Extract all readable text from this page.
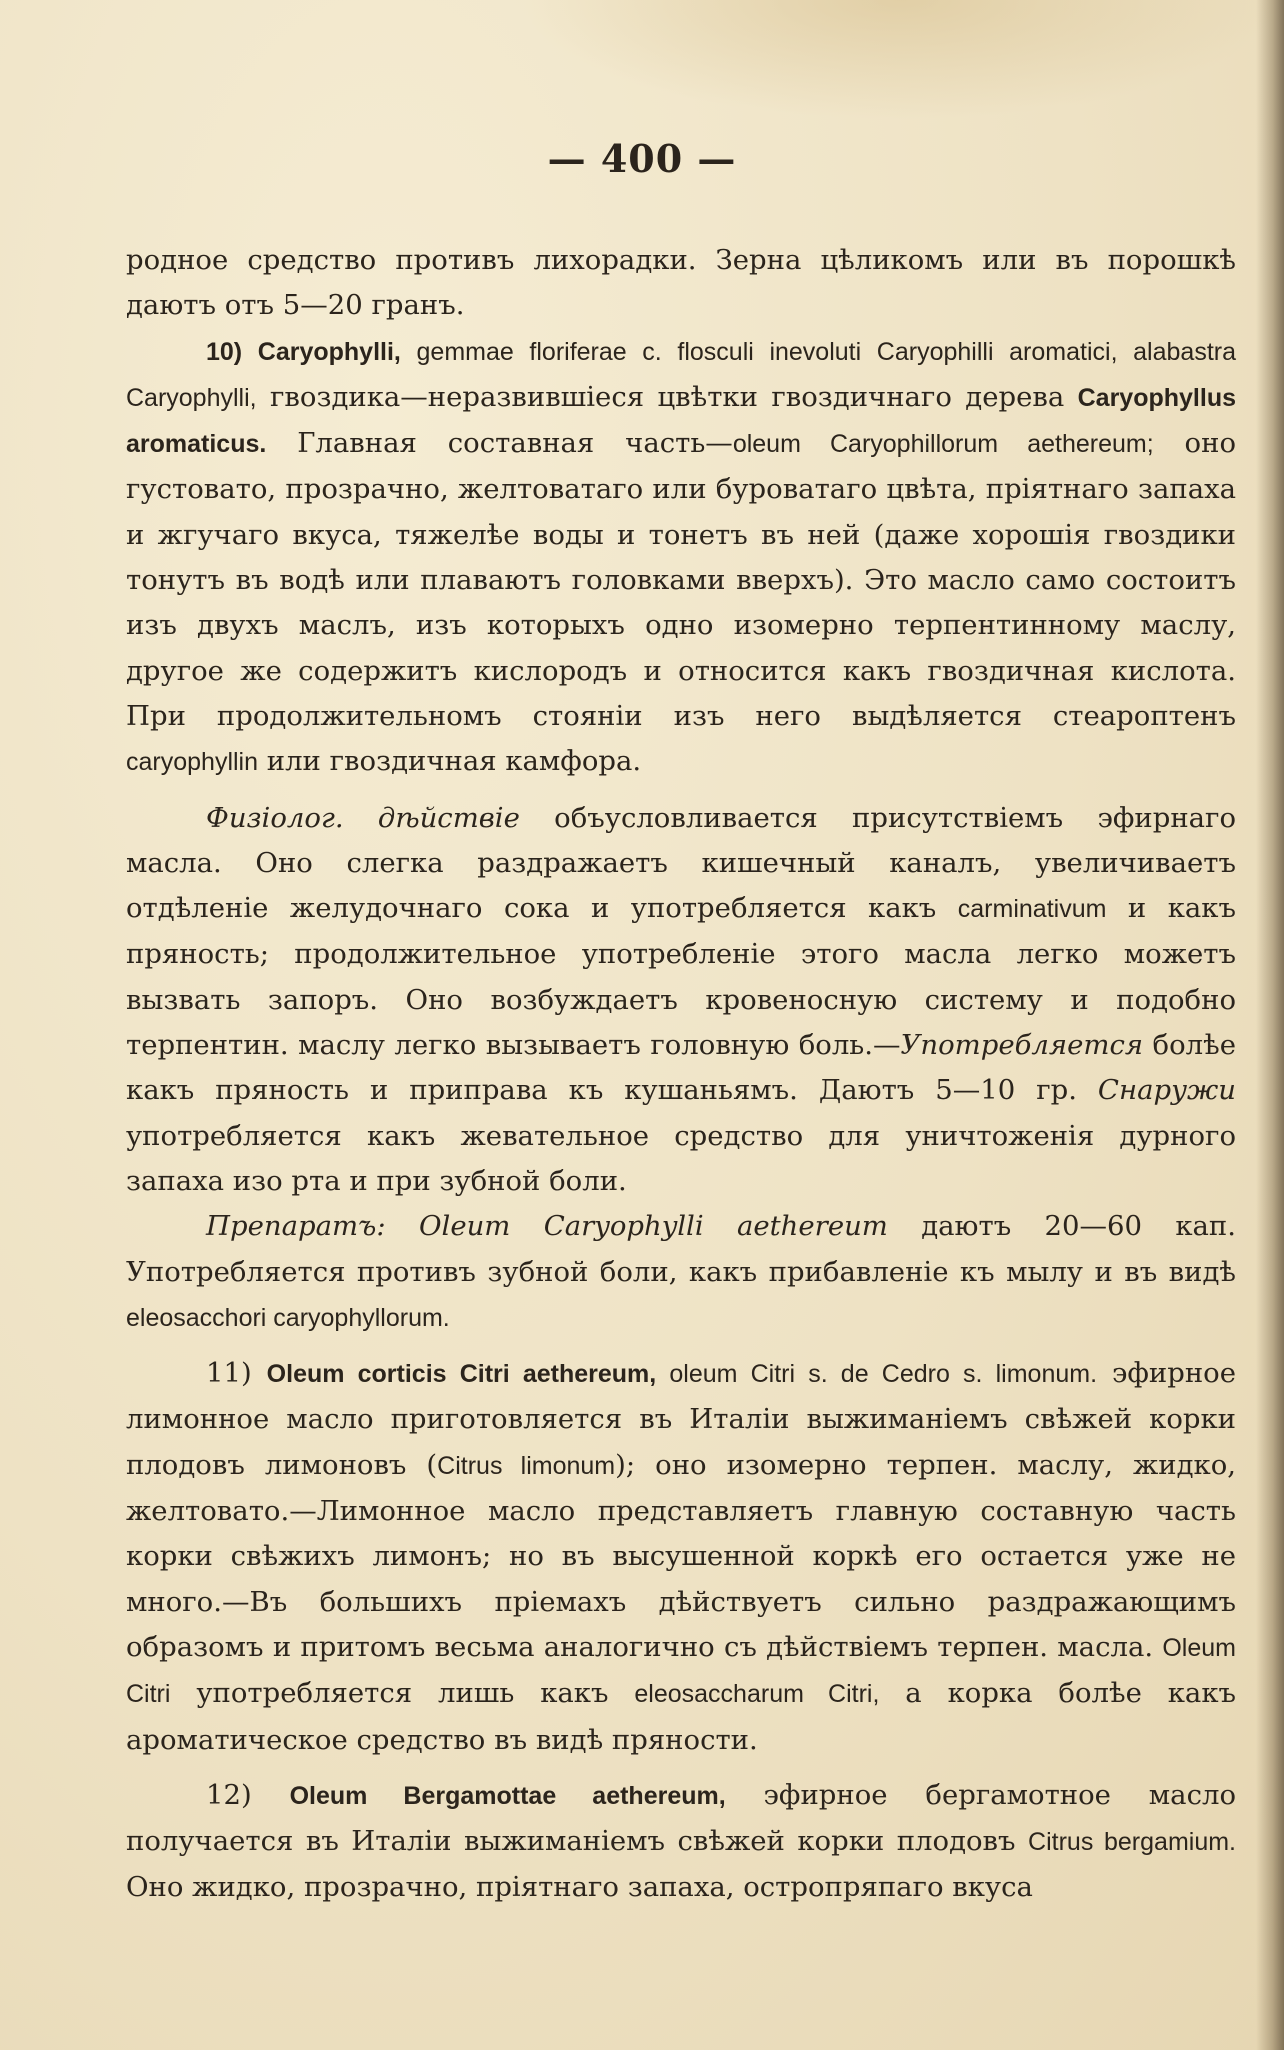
— 400 —

родное средство противъ лихорадки. Зерна цѣликомъ или въ порошкѣ даютъ отъ 5—20 гранъ.

10) Caryophylli, gemmae floriferae c. flosculi inevoluti Caryophilli aromatici, alabastra Caryophylli, гвоздика—неразвившiеся цвѣтки гвоздичнаго дерева Caryophyllus aromaticus. Главная составная часть—oleum Caryophillorum aethereum; оно густовато, прозрачно, желтоватаго или буроватаго цвѣта, прiятнаго запаха и жгучаго вкуса, тяжелѣе воды и тонетъ въ ней (даже хорошiя гвоздики тонутъ въ водѣ или плаваютъ головками вверхъ). Это масло само состоитъ изъ двухъ маслъ, изъ которыхъ одно изомерно терпентинному маслу, другое же содержитъ кислородъ и относится какъ гвоздичная кислота. При продолжительномъ стоянiи изъ него выдѣляется стеароптенъ caryophyllin или гвоздичная камфора.

Физiолог. дѣйствiе объусловливается присутствiемъ эфирнаго масла. Оно слегка раздражаетъ кишечный каналъ, увеличиваетъ отдѣленiе желудочнаго сока и употребляется какъ carminativum и какъ пряность; продолжительное употребленiе этого масла легко можетъ вызвать запоръ. Оно возбуждаетъ кровеносную систему и подобно терпентин. маслу легко вызываетъ головную боль.—Употребляется болѣе какъ пряность и приправа къ кушаньямъ. Даютъ 5—10 гр. Снаружи употребляется какъ жевательное средство для уничтоженiя дурного запаха изо рта и при зубной боли.

Препаратъ: Oleum Caryophylli aethereum даютъ 20—60 кап. Употребляется противъ зубной боли, какъ прибавленiе къ мылу и въ видѣ eleosacchori caryophyllorum.

11) Oleum corticis Citri aethereum, oleum Citri s. de Cedro s. limonum. эфирное лимонное масло приготовляется въ Италiи выжиманiемъ свѣжей корки плодовъ лимоновъ (Citrus limonum); оно изомерно терпен. маслу, жидко, желтовато.—Лимонное масло представляетъ главную составную часть корки свѣжихъ лимонъ; но въ высушенной коркѣ его остается уже не много.—Въ большихъ прiемахъ дѣйствуетъ сильно раздражающимъ образомъ и притомъ весьма аналогично съ дѣйствiемъ терпен. масла. Oleum Citri употребляется лишь какъ eleosaccharum Citri, а корка болѣе какъ ароматическое средство въ видѣ пряности.

12) Oleum Bergamottae aethereum, эфирное бергамотное масло получается въ Италiи выжиманiемъ свѣжей корки плодовъ Citrus bergamium. Оно жидко, прозрачно, прiятнаго запаха, остропряпаго вкуса
